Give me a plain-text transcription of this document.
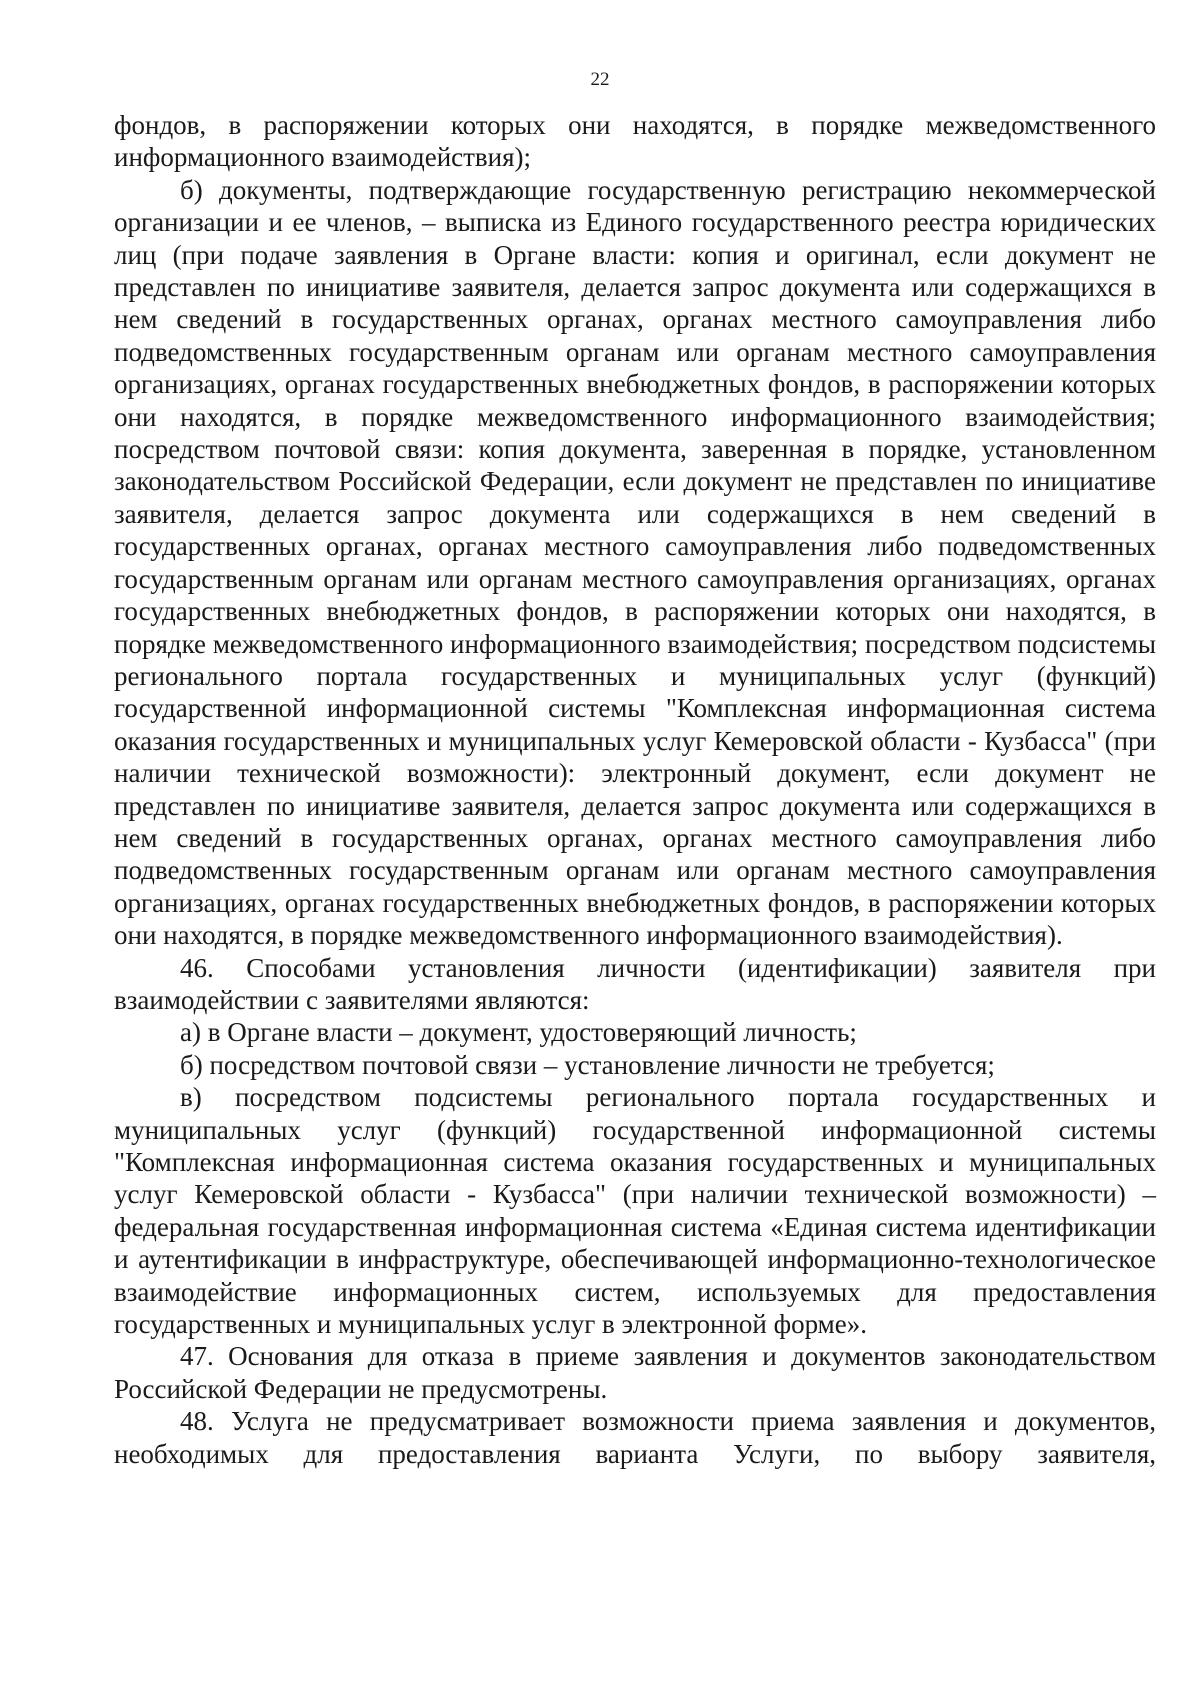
22

фондов, в распоряжении которых они находятся, в порядке межведомственного информационного взаимодействия);

б) документы, подтверждающие государственную регистрацию некоммерческой организации и ее членов, – выписка из Единого государственного реестра юридических лиц (при подаче заявления в Органе власти: копия и оригинал, если документ не представлен по инициативе заявителя, делается запрос документа или содержащихся в нем сведений в государственных органах, органах местного самоуправления либо подведомственных государственным органам или органам местного самоуправления организациях, органах государственных внебюджетных фондов, в распоряжении которых они находятся, в порядке межведомственного информационного взаимодействия; посредством почтовой связи: копия документа, заверенная в порядке, установленном законодательством Российской Федерации, если документ не представлен по инициативе заявителя, делается запрос документа или содержащихся в нем сведений в государственных органах, органах местного самоуправления либо подведомственных государственным органам или органам местного самоуправления организациях, органах государственных внебюджетных фондов, в распоряжении которых они находятся, в порядке межведомственного информационного взаимодействия; посредством подсистемы регионального портала государственных и муниципальных услуг (функций) государственной информационной системы "Комплексная информационная система оказания государственных и муниципальных услуг Кемеровской области - Кузбасса" (при наличии технической возможности): электронный документ, если документ не представлен по инициативе заявителя, делается запрос документа или содержащихся в нем сведений в государственных органах, органах местного самоуправления либо подведомственных государственным органам или органам местного самоуправления организациях, органах государственных внебюджетных фондов, в распоряжении которых они находятся, в порядке межведомственного информационного взаимодействия).

46. Способами установления личности (идентификации) заявителя при взаимодействии с заявителями являются:

а) в Органе власти – документ, удостоверяющий личность;

б) посредством почтовой связи – установление личности не требуется;

в) посредством подсистемы регионального портала государственных и муниципальных услуг (функций) государственной информационной системы "Комплексная информационная система оказания государственных и муниципальных услуг Кемеровской области - Кузбасса" (при наличии технической возможности) – федеральная государственная информационная система «Единая система идентификации и аутентификации в инфраструктуре, обеспечивающей информационно-технологическое взаимодействие информационных систем, используемых для предоставления государственных и муниципальных услуг в электронной форме».

47. Основания для отказа в приеме заявления и документов законодательством Российской Федерации не предусмотрены.

48. Услуга не предусматривает возможности приема заявления и документов, необходимых для предоставления варианта Услуги, по выбору заявителя,
